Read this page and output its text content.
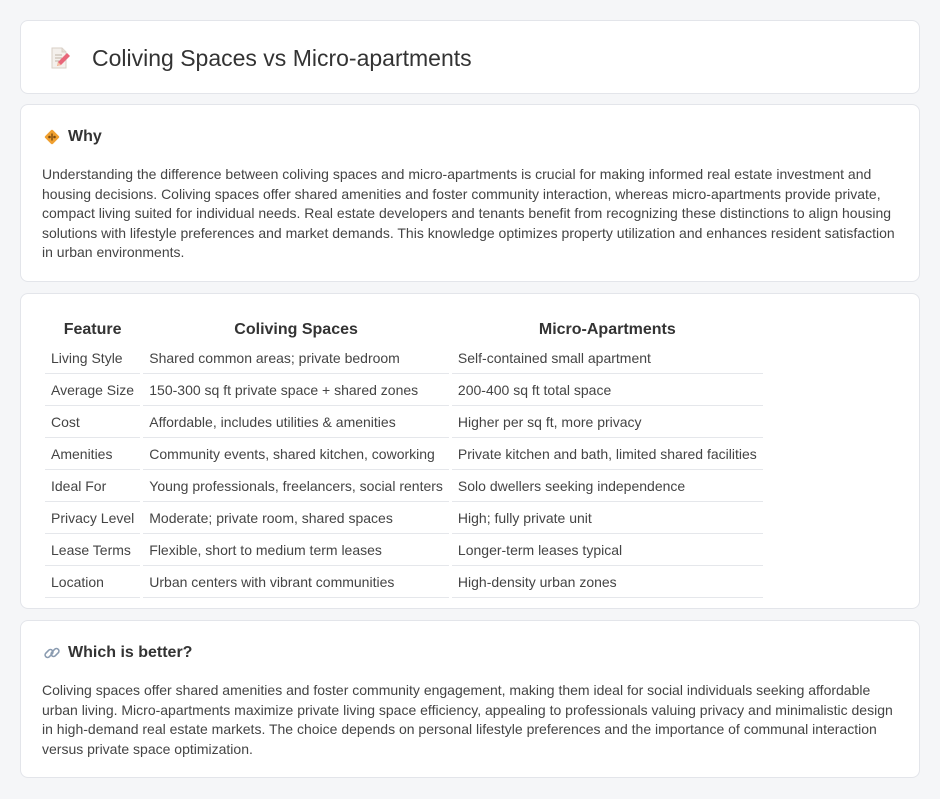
Coliving Spaces vs Micro-apartments
Why

Understanding the difference between coliving spaces and micro-apartments is crucial for making informed real estate investment and housing decisions. Coliving spaces offer shared amenities and foster community interaction, whereas micro-apartments provide private, compact living suited for individual needs. Real estate developers and tenants benefit from recognizing these distinctions to align housing solutions with lifestyle preferences and market demands. This knowledge optimizes property utilization and enhances resident satisfaction in urban environments.

Feature	Coliving Spaces	Micro-Apartments
Living Style	Shared common areas; private bedroom	Self-contained small apartment
Average Size	150-300 sq ft private space + shared zones	200-400 sq ft total space
Cost	Affordable, includes utilities & amenities	Higher per sq ft, more privacy
Amenities	Community events, shared kitchen, coworking	Private kitchen and bath, limited shared facilities
Ideal For	Young professionals, freelancers, social renters	Solo dwellers seeking independence
Privacy Level	Moderate; private room, shared spaces	High; fully private unit
Lease Terms	Flexible, short to medium term leases	Longer-term leases typical
Location	Urban centers with vibrant communities	High-density urban zones
Which is better?

Coliving spaces offer shared amenities and foster community engagement, making them ideal for social individuals seeking affordable urban living. Micro-apartments maximize private living space efficiency, appealing to professionals valuing privacy and minimalistic design in high-demand real estate markets. The choice depends on personal lifestyle preferences and the importance of communal interaction versus private space optimization.
